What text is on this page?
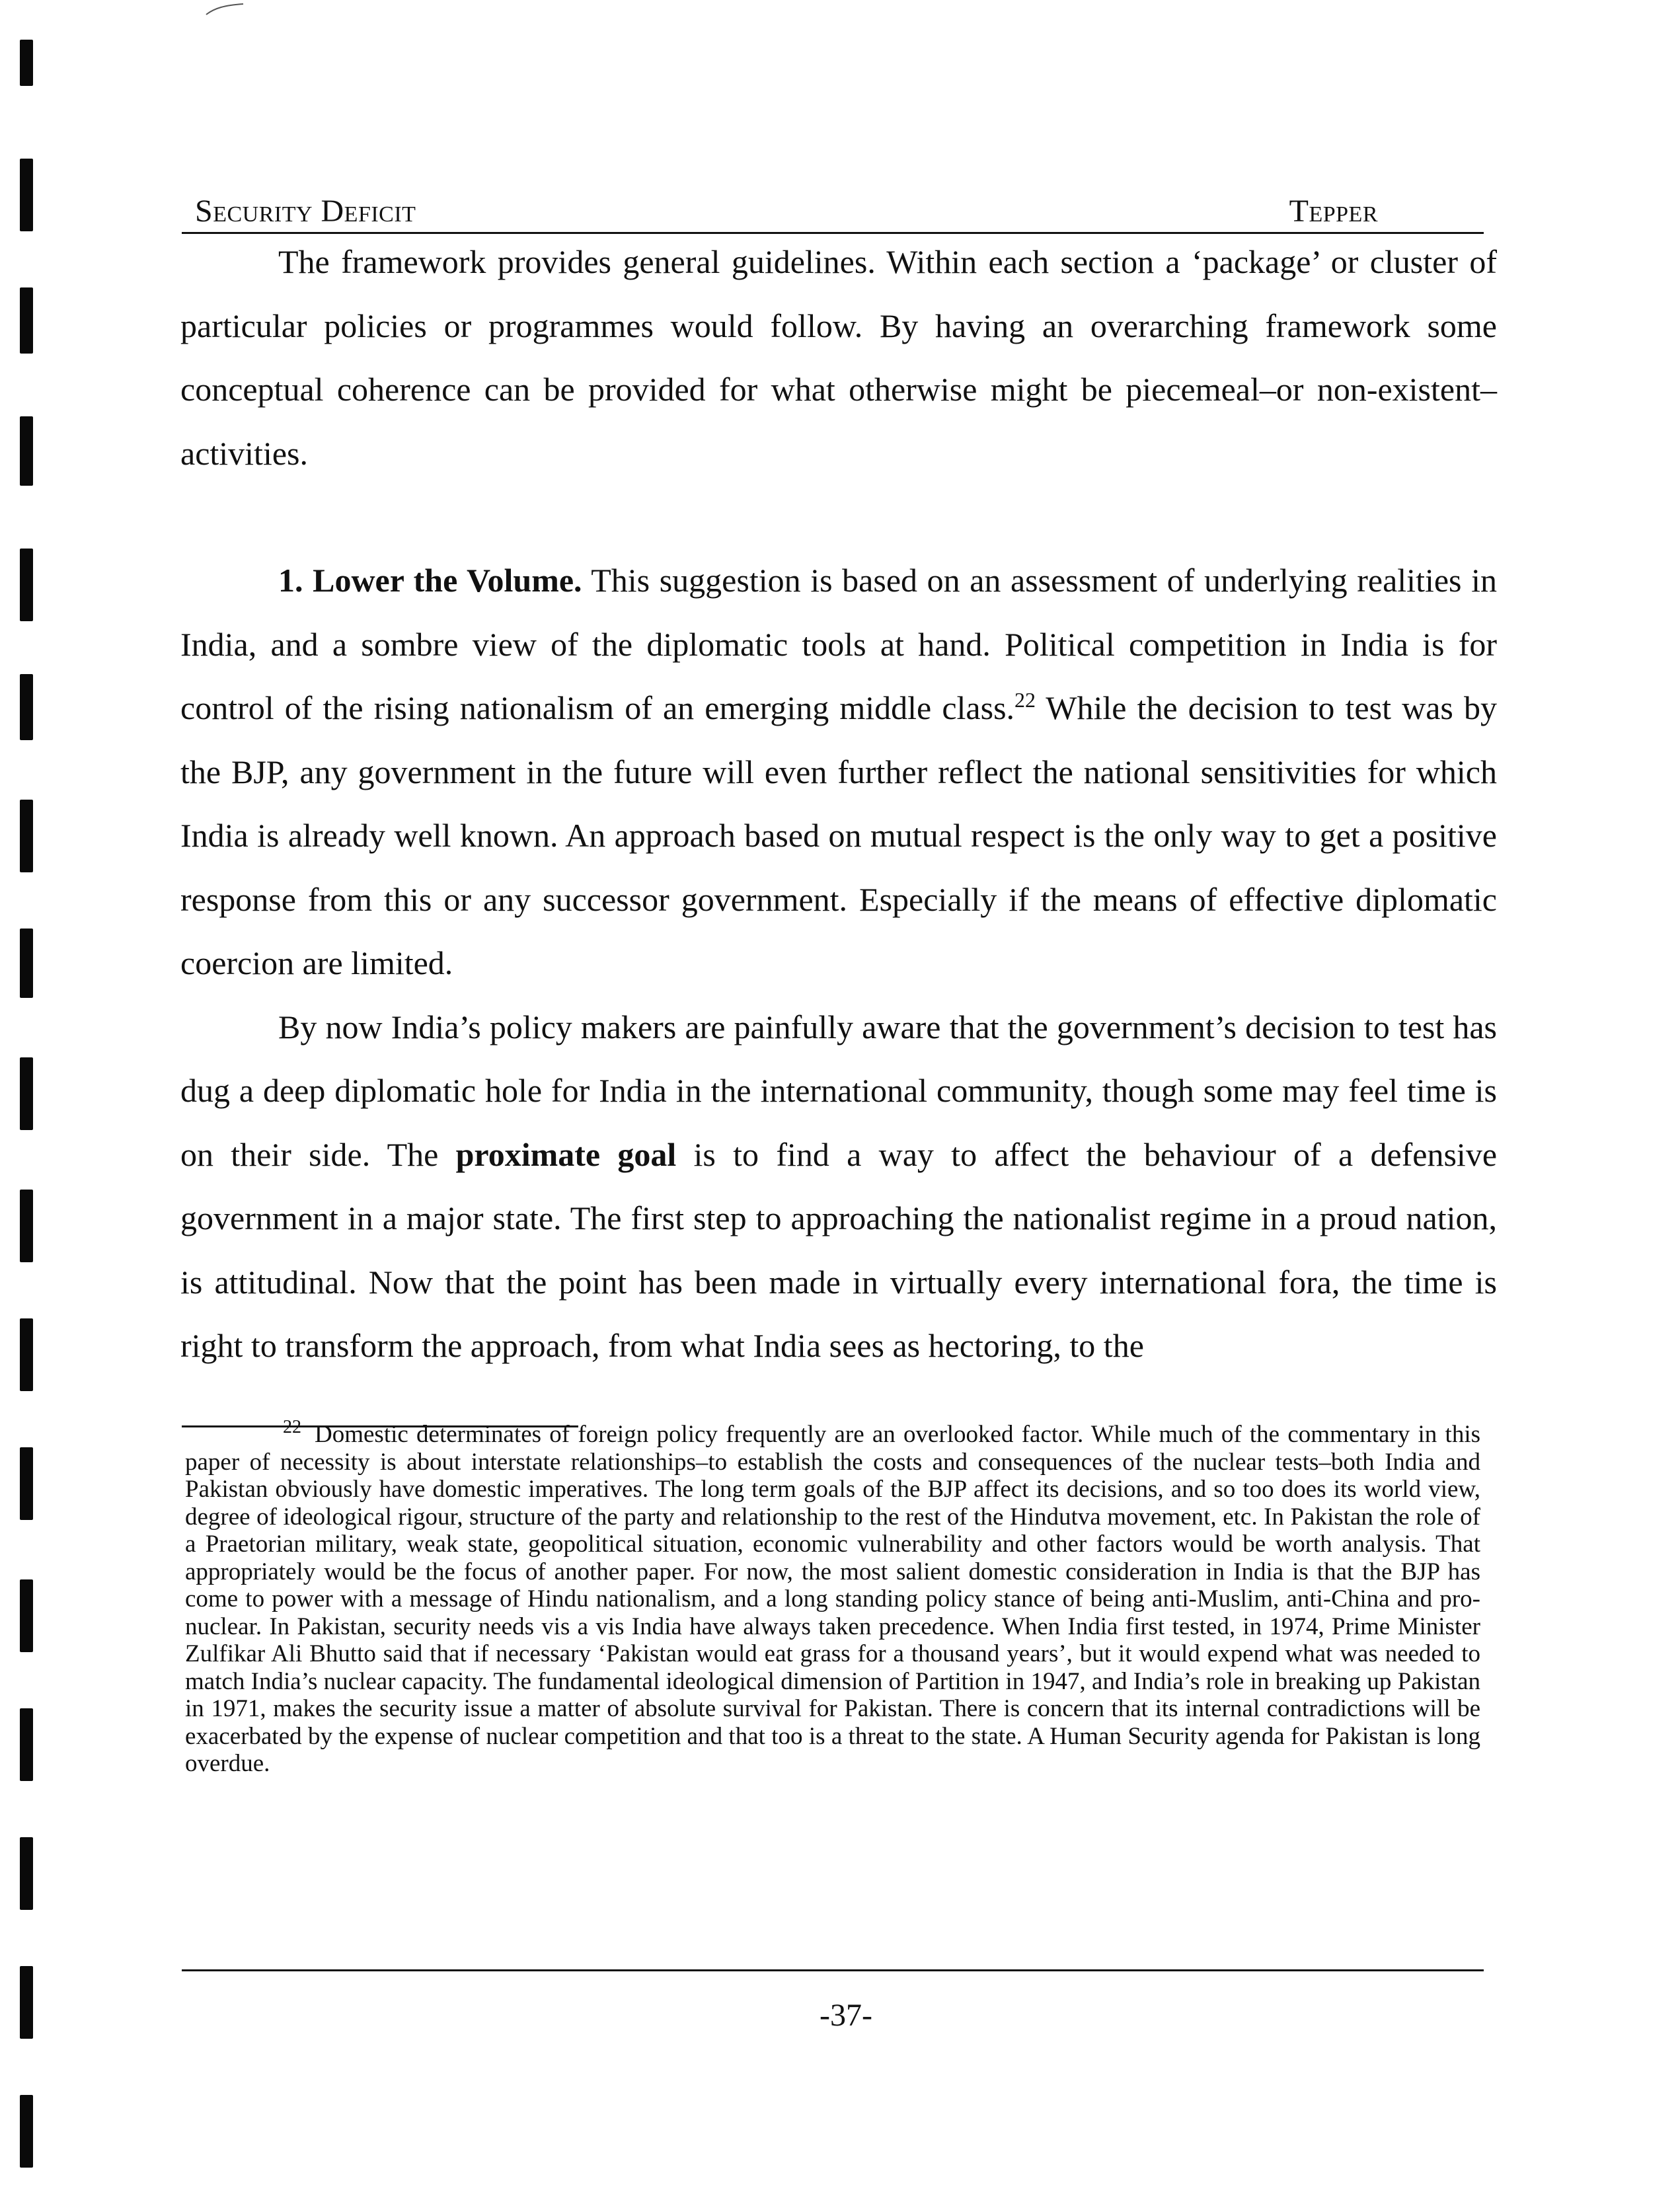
Security Deficit	Tepper

The framework provides general guidelines. Within each section a ‘package’ or cluster of particular policies or programmes would follow. By having an overarching framework some conceptual coherence can be provided for what otherwise might be piecemeal–or non-existent–activities.

1. Lower the Volume. This suggestion is based on an assessment of underlying realities in India, and a sombre view of the diplomatic tools at hand. Political competition in India is for control of the rising nationalism of an emerging middle class.$^{22}$ While the decision to test was by the BJP, any government in the future will even further reflect the national sensitivities for which India is already well known. An approach based on mutual respect is the only way to get a positive response from this or any successor government. Especially if the means of effective diplomatic coercion are limited.

By now India’s policy makers are painfully aware that the government’s decision to test has dug a deep diplomatic hole for India in the international community, though some may feel time is on their side. The proximate goal is to find a way to affect the behaviour of a defensive government in a major state. The first step to approaching the nationalist regime in a proud nation, is attitudinal. Now that the point has been made in virtually every international fora, the time is right to transform the approach, from what India sees as hectoring, to the

$^{22}$ Domestic determinates of foreign policy frequently are an overlooked factor. While much of the commentary in this paper of necessity is about interstate relationships–to establish the costs and consequences of the nuclear tests–both India and Pakistan obviously have domestic imperatives. The long term goals of the BJP affect its decisions, and so too does its world view, degree of ideological rigour, structure of the party and relationship to the rest of the Hindutva movement, etc. In Pakistan the role of a Praetorian military, weak state, geopolitical situation, economic vulnerability and other factors would be worth analysis. That appropriately would be the focus of another paper. For now, the most salient domestic consideration in India is that the BJP has come to power with a message of Hindu nationalism, and a long standing policy stance of being anti-Muslim, anti-China and pro-nuclear. In Pakistan, security needs vis a vis India have always taken precedence. When India first tested, in 1974, Prime Minister Zulfikar Ali Bhutto said that if necessary ‘Pakistan would eat grass for a thousand years’, but it would expend what was needed to match India’s nuclear capacity. The fundamental ideological dimension of Partition in 1947, and India’s role in breaking up Pakistan in 1971, makes the security issue a matter of absolute survival for Pakistan. There is concern that its internal contradictions will be exacerbated by the expense of nuclear competition and that too is a threat to the state. A Human Security agenda for Pakistan is long overdue.

-37-
